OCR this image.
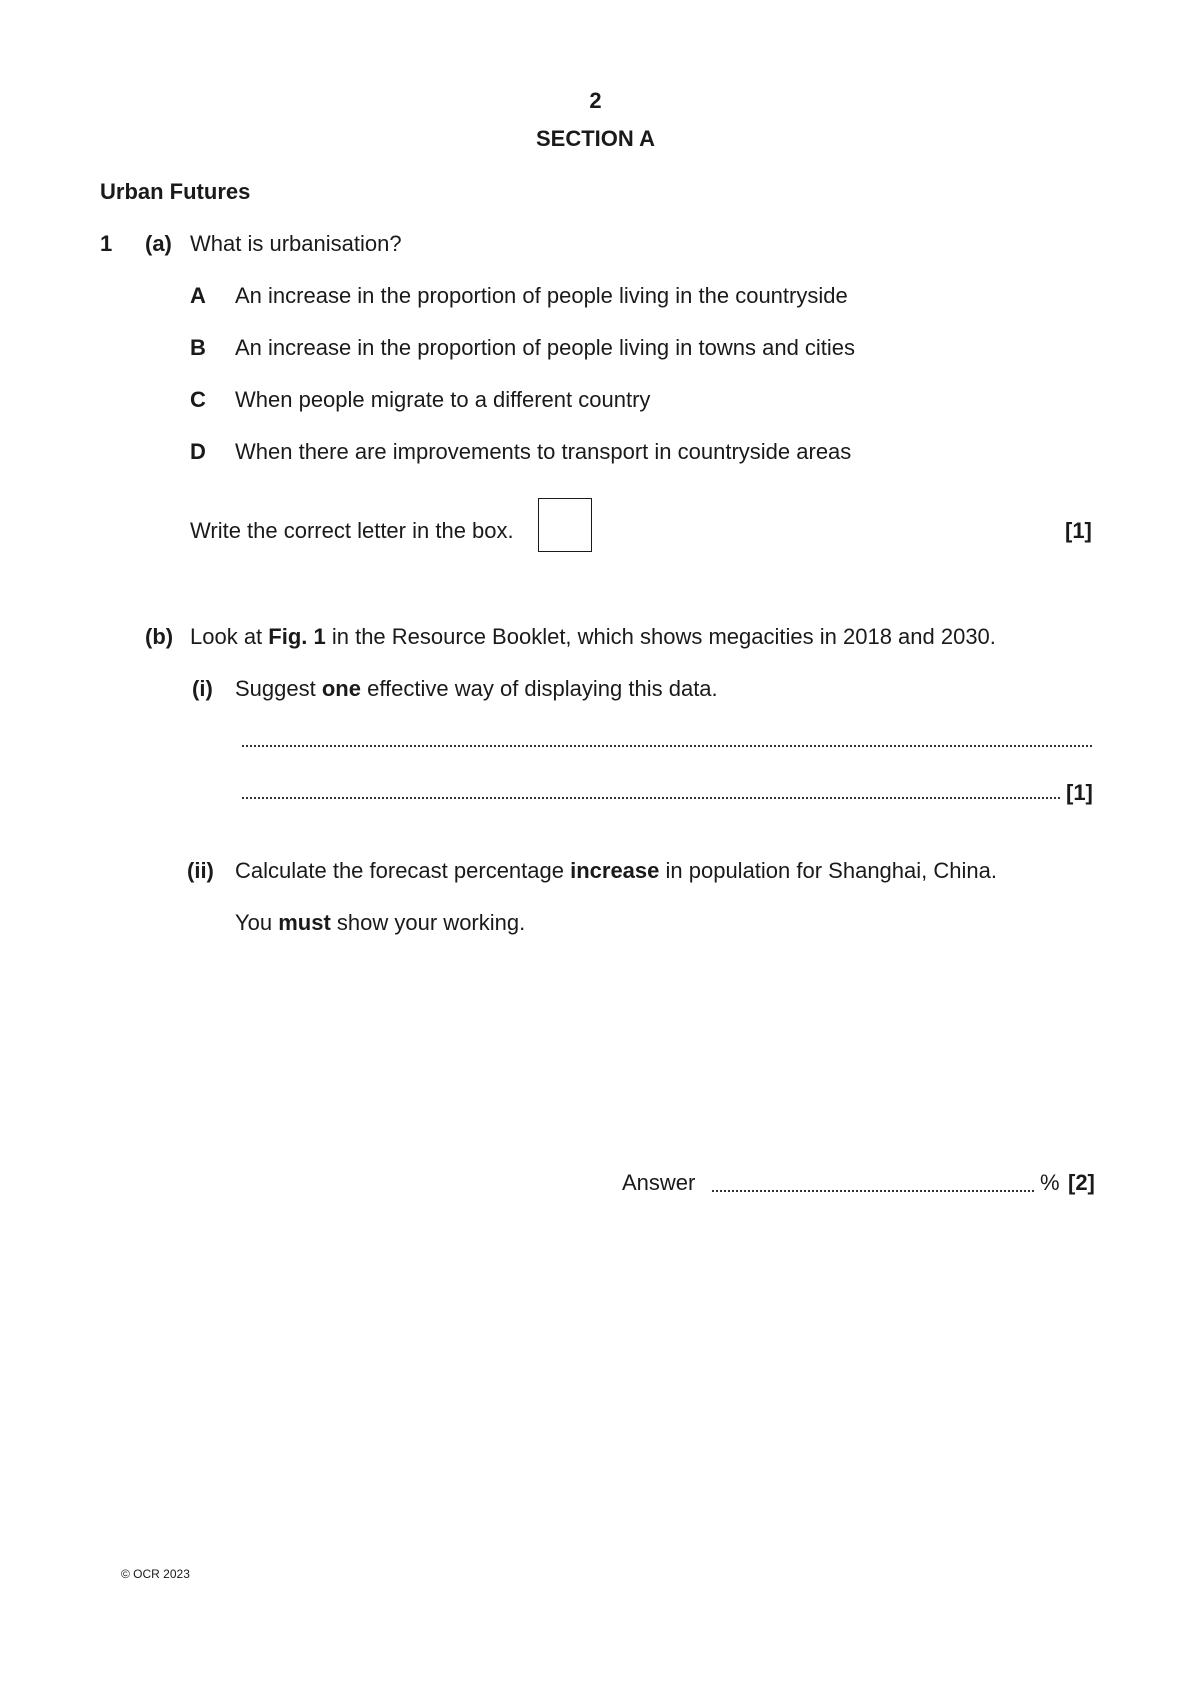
2
SECTION A
Urban Futures
1 (a) What is urbanisation?
A An increase in the proportion of people living in the countryside
B An increase in the proportion of people living in towns and cities
C When people migrate to a different country
D When there are improvements to transport in countryside areas
Write the correct letter in the box.	[1]
(b) Look at Fig. 1 in the Resource Booklet, which shows megacities in 2018 and 2030.
(i) Suggest one effective way of displaying this data.
[1]
(ii) Calculate the forecast percentage increase in population for Shanghai, China.
You must show your working.
Answer	% [2]
© OCR 2023
